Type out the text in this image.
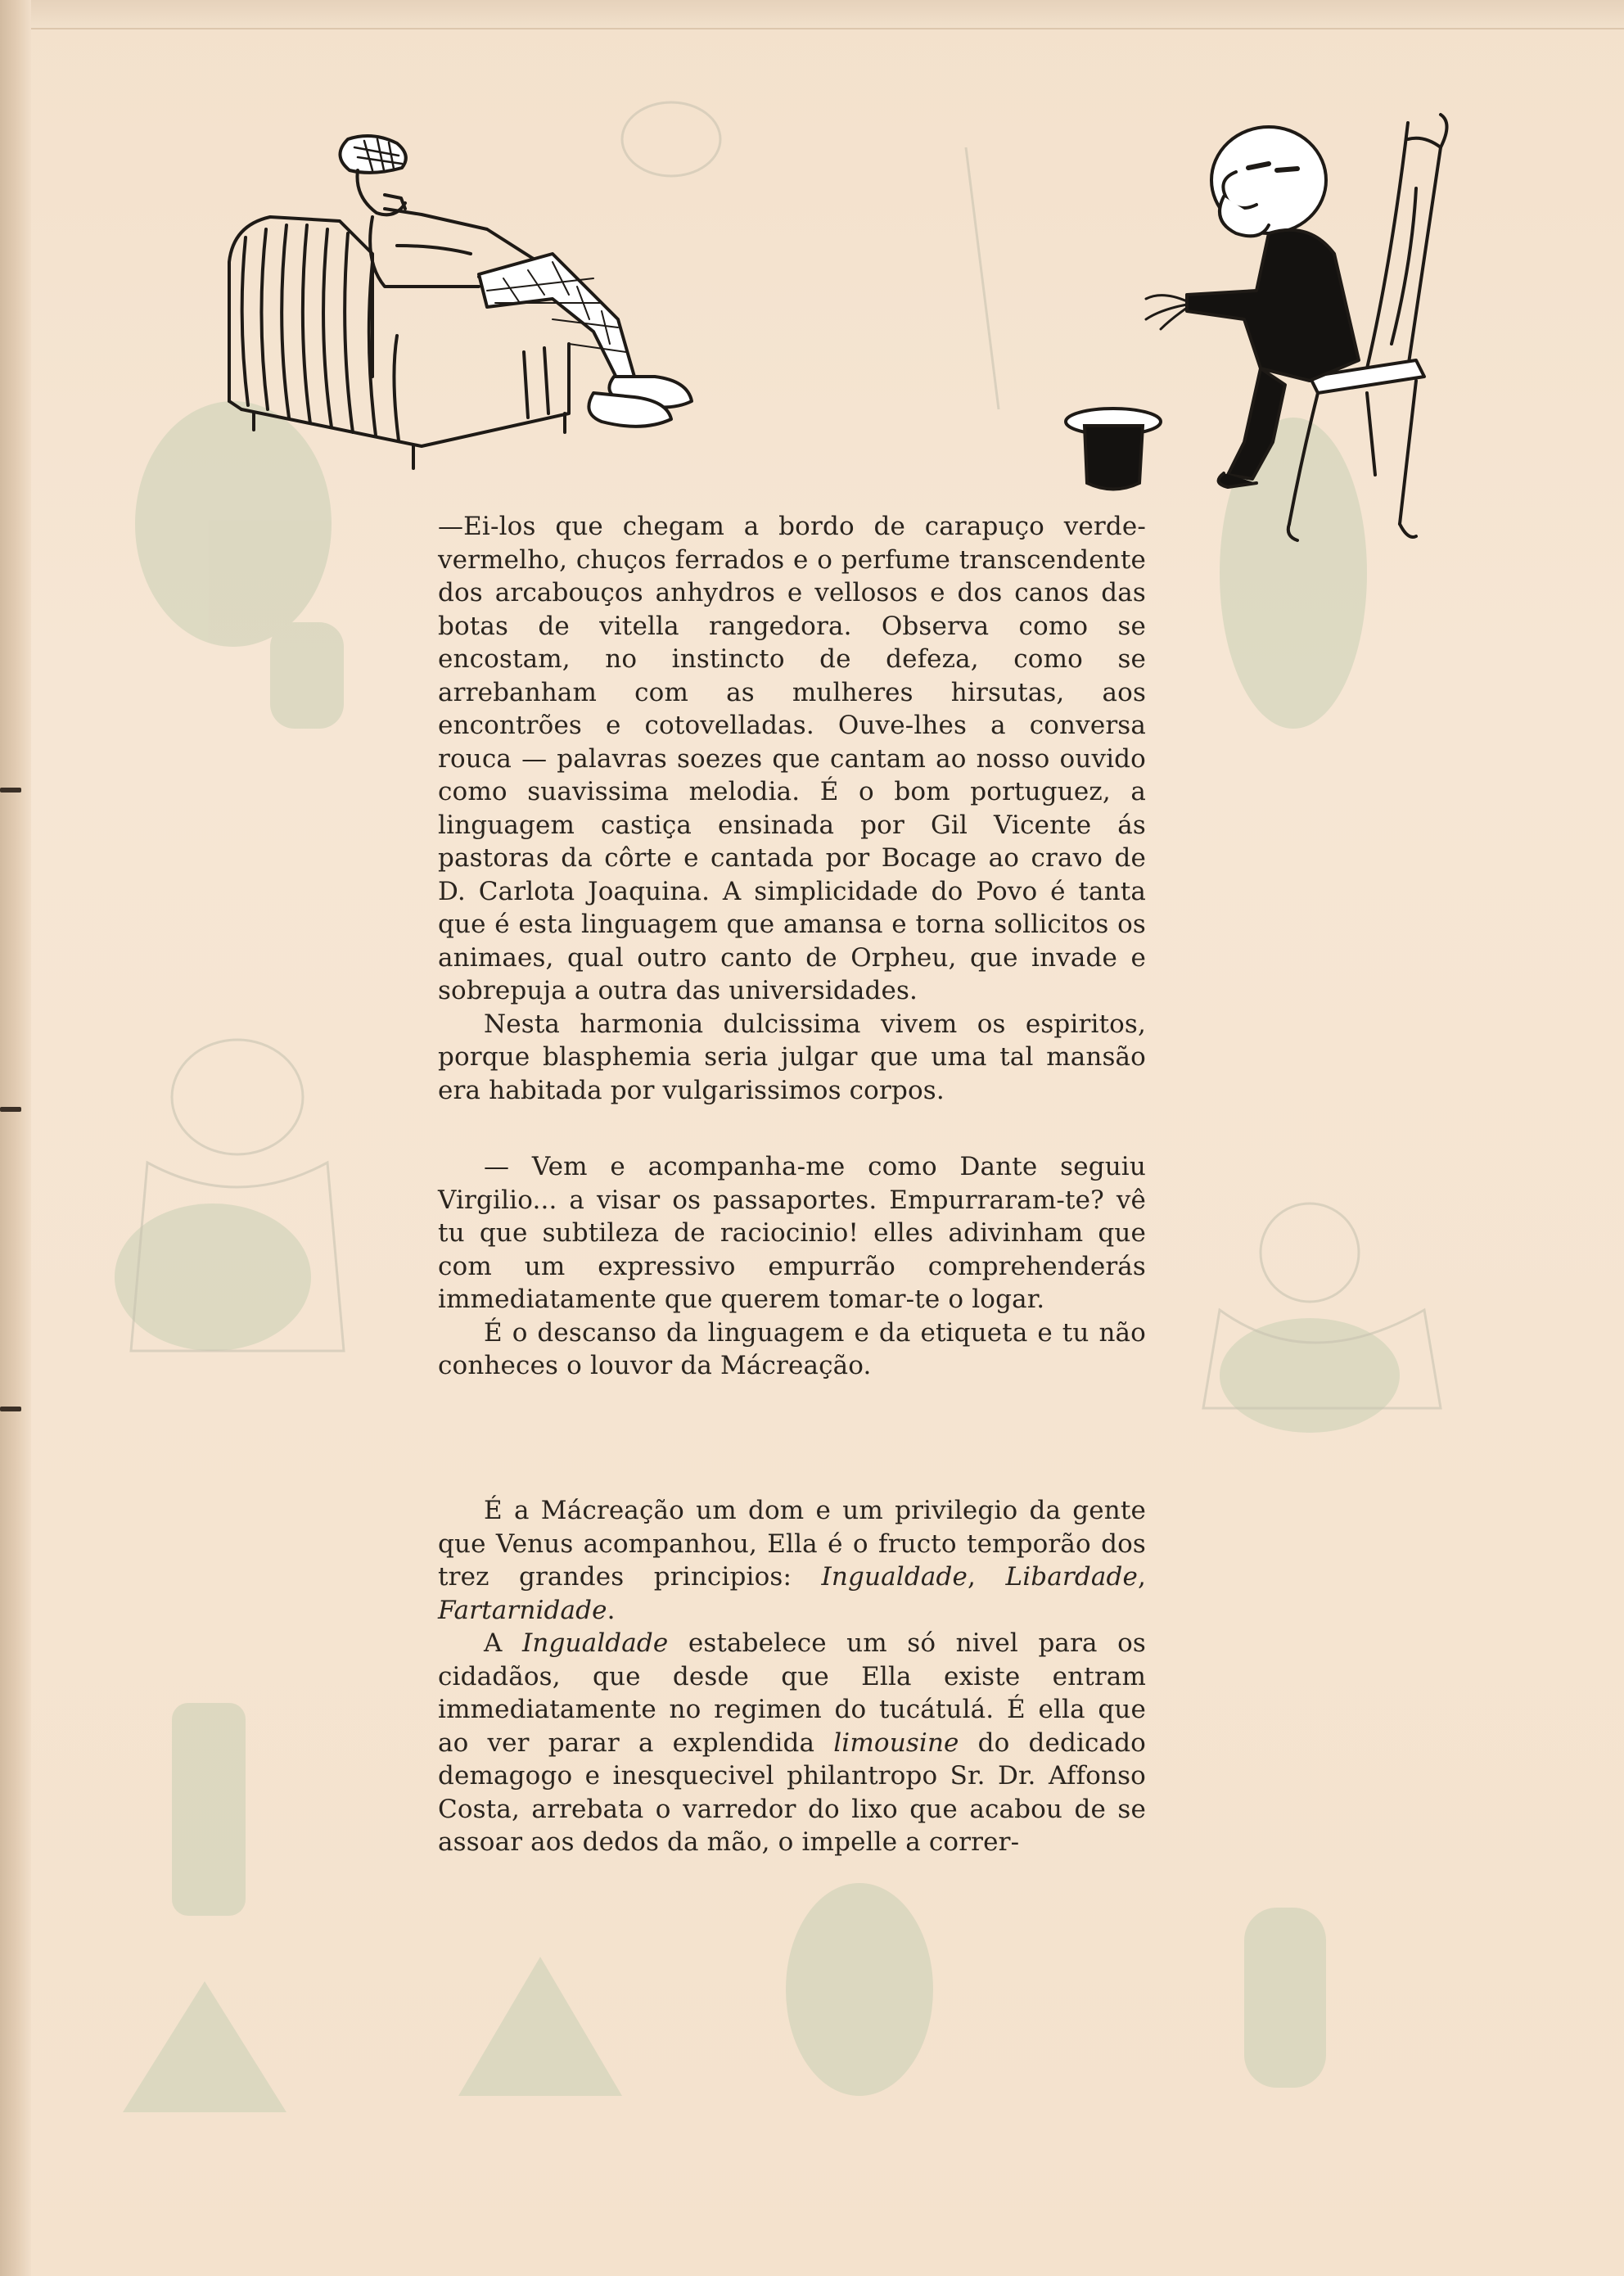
—Ei-los que chegam a bordo de carapuço verde-vermelho, chuços ferrados e o perfume transcendente dos arcabouços anhydros e vellosos e dos canos das botas de vitella rangedora. Observa como se encostam, no instincto de defeza, como se arrebanham com as mulheres hirsutas, aos encontrões e cotovelladas. Ouve-lhes a conversa rouca — palavras soezes que cantam ao nosso ouvido como suavissima melodia. É o bom portuguez, a linguagem castiça ensinada por Gil Vicente ás pastoras da côrte e cantada por Bocage ao cravo de D. Carlota Joaquina. A simplicidade do Povo é tanta que é esta linguagem que amansa e torna sollicitos os animaes, qual outro canto de Orpheu, que invade e sobrepuja a outra das universidades.

Nesta harmonia dulcissima vivem os espiritos, porque blasphemia seria julgar que uma tal mansão era habitada por vulgarissimos corpos.

— Vem e acompanha-me como Dante seguiu Virgilio... a visar os passaportes. Empurraram-te? vê tu que subtileza de raciocinio! elles adivinham que com um expressivo empurrão comprehenderás immediatamente que querem tomar-te o logar.

É o descanso da linguagem e da etiqueta e tu não conheces o louvor da Mácreação.

É a Mácreação um dom e um privilegio da gente que Venus acompanhou, Ella é o fructo temporão dos trez grandes principios: Ingualdade, Libardade, Fartarnidade.

A Ingualdade estabelece um só nivel para os cidadãos, que desde que Ella existe entram immediatamente no regimen do tucátulá. É ella que ao ver parar a explendida limousine do dedicado demagogo e inesquecivel philantropo Sr. Dr. Affonso Costa, arrebata o varredor do lixo que acabou de se assoar aos dedos da mão, o impelle a correr-
